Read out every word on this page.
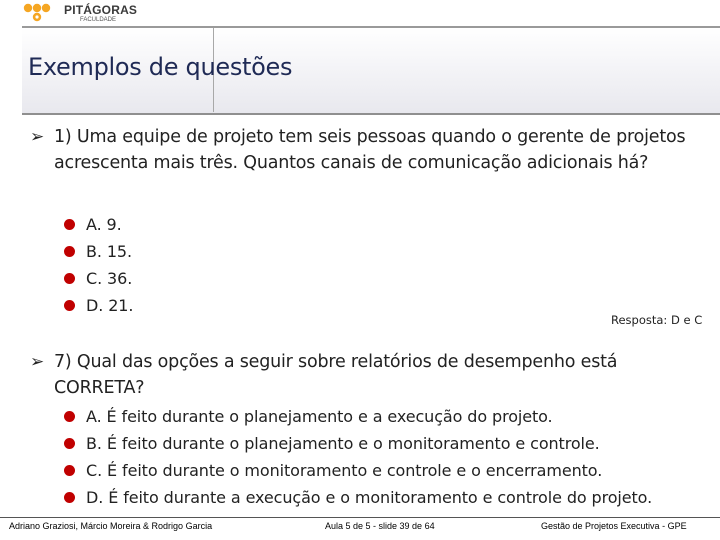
PITÁGORAS
FACULDADE
Exemplos de questões
➢ 1) Uma equipe de projeto tem seis pessoas quando o gerente de projetos acrescenta mais três. Quantos canais de comunicação adicionais há?
A. 9.
B. 15.
C. 36.
D. 21.
Resposta: D e C
➢ 7) Qual das opções a seguir sobre relatórios de desempenho está CORRETA?
A. É feito durante o planejamento e a execução do projeto.
B. É feito durante o planejamento e o monitoramento e controle.
C. É feito durante o monitoramento e controle e o encerramento.
D. É feito durante a execução e o monitoramento e controle do projeto.
Adriano Graziosi, Márcio Moreira & Rodrigo Garcia	Aula 5 de 5 - slide 39 de 64	Gestão de Projetos Executiva - GPE
